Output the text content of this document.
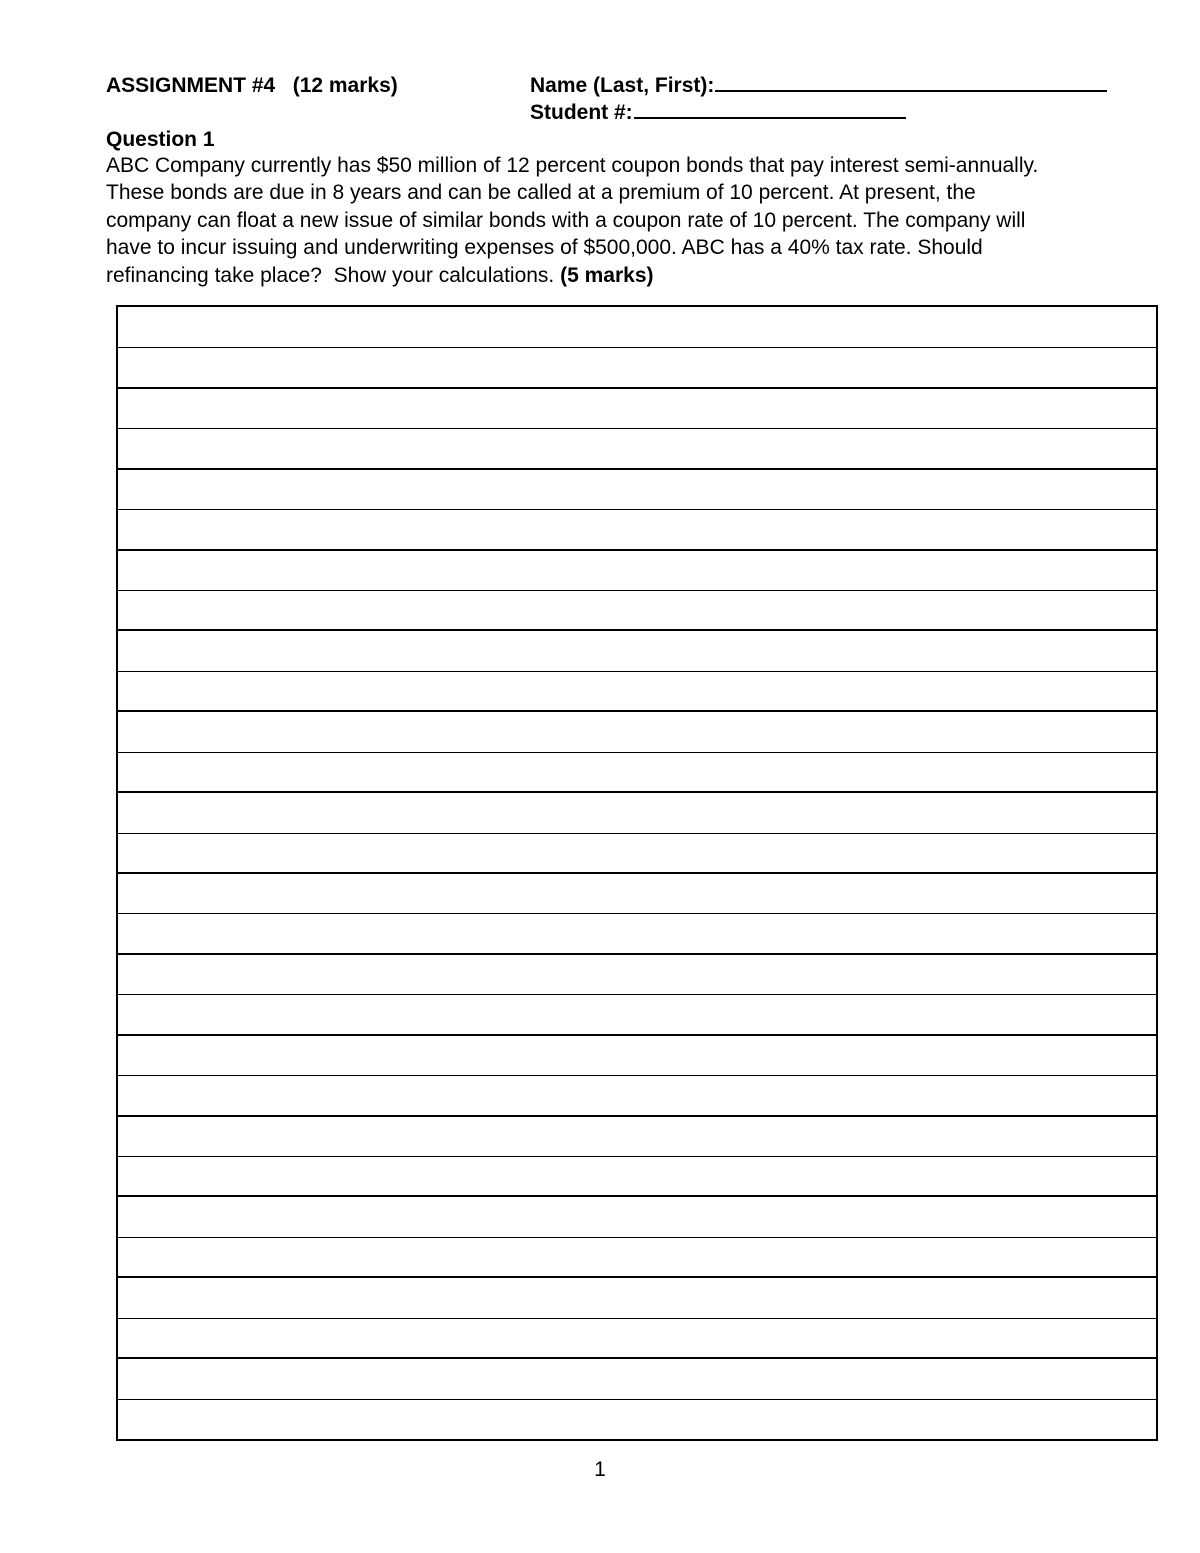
ASSIGNMENT #4   (12 marks)	Name (Last, First):
Student #:
Question 1
ABC Company currently has $50 million of 12 percent coupon bonds that pay interest semi-annually.
These bonds are due in 8 years and can be called at a premium of 10 percent. At present, the
company can float a new issue of similar bonds with a coupon rate of 10 percent. The company will
have to incur issuing and underwriting expenses of $500,000. ABC has a 40% tax rate. Should
refinancing take place?  Show your calculations. (5 marks)
1
